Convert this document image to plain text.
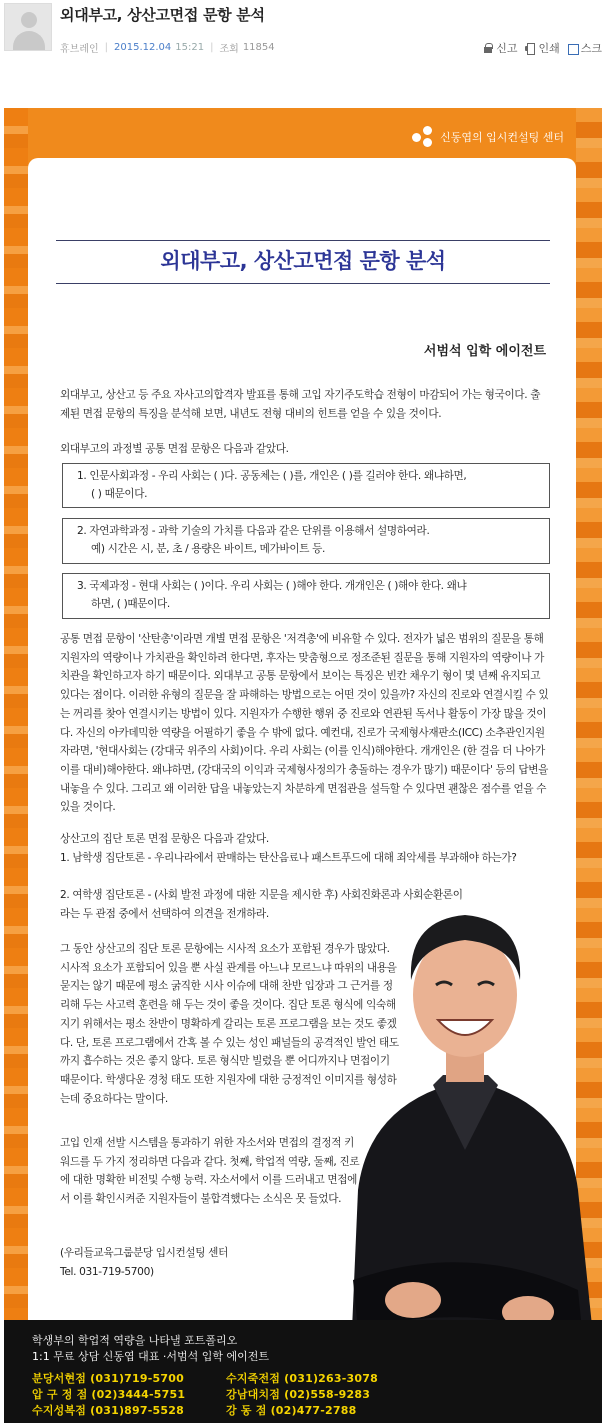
외대부고, 상산고면접 문항 분석
휴브레인 | 2015.12.04 15:21 | 조회 11854	신고 인쇄 스크
신동엽의 입시컨설팅 센터
외대부고, 상산고면접 문항 분석
서범석 입학 에이전트
외대부고, 상산고 등 주요 자사고의합격자 발표를 통해 고입 자기주도학습 전형이 마감되어 가는 형국이다. 출제된 면접 문항의 특징을 분석해 보면, 내년도 전형 대비의 힌트를 얻을 수 있을 것이다.
외대부고의 과정별 공통 면접 문항은 다음과 같았다.
1. 인문사회과정 - 우리 사회는 ( )다. 공동체는 ( )를, 개인은 ( )를 길러야 한다. 왜냐하면,
( ) 때문이다.
2. 자연과학과정 - 과학 기술의 가치를 다음과 같은 단위를 이용해서 설명하여라.
예) 시간은 시, 분, 초 / 용량은 바이트, 메가바이트 등.
3. 국제과정 - 현대 사회는 ( )이다. 우리 사회는 ( )해야 한다. 개개인은 ( )해야 한다. 왜냐
하면, ( )때문이다.
공통 면접 문항이 '산탄총'이라면 개별 면접 문항은 '저격총'에 비유할 수 있다. 전자가 넓은 범위의 질문을 통해 지원자의 역량이나 가치관을 확인하려 한다면, 후자는 맞춤형으로 정조준된 질문을 통해 지원자의 역량이나 가치관을 확인하고자 하기 때문이다. 외대부고 공통 문항에서 보이는 특징은 빈칸 채우기 형이 몇 년째 유지되고 있다는 점이다. 이러한 유형의 질문을 잘 파해하는 방법으로는 어떤 것이 있을까? 자신의 진로와 연결시킬 수 있는 꺼리를 찾아 연결시키는 방법이 있다. 지원자가 수행한 행위 중 진로와 연관된 독서나 활동이 가장 많을 것이다. 자신의 아카데믹한 역량을 어필하기 좋을 수 밖에 없다. 예컨대, 진로가 국제형사재판소(ICC) 소추관인지원자라면, '현대사회는 (강대국 위주의 사회)이다. 우리 사회는 (이를 인식)해야한다. 개개인은 (한 걸음 더 나아가 이를 대비)해야한다. 왜냐하면, (강대국의 이익과 국제형사정의가 충돌하는 경우가 많기) 때문이다' 등의 답변을 내놓을 수 있다. 그리고 왜 이러한 답을 내놓았는지 차분하게 면접관을 설득할 수 있다면 괜찮은 점수를 얻을 수 있을 것이다.
상산고의 집단 토론 면접 문항은 다음과 같았다.
1. 남학생 집단토론 - 우리나라에서 판매하는 탄산음료나 패스트푸드에 대해 죄악세를 부과해야 하는가?
2. 여학생 집단토론 - (사회 발전 과정에 대한 지문을 제시한 후) 사회진화론과 사회순환론이라는 두 관점 중에서 선택하여 의견을 전개하라.
그 동안 상산고의 집단 토론 문항에는 시사적 요소가 포함된 경우가 많았다. 시사적 요소가 포함되어 있을 뿐 사실 관계를 아느냐 모르느냐 따위의 내용을 묻지는 않기 때문에 평소 굵직한 시사 이슈에 대해 찬반 입장과 그 근거를 정리해 두는 사고력 훈련을 해 두는 것이 좋을 것이다. 집단 토론 형식에 익숙해지기 위해서는 평소 찬반이 명확하게 갈리는 토론 프로그램을 보는 것도 좋겠다. 단, 토론 프로그램에서 간혹 볼 수 있는 성인 패널들의 공격적인 발언 태도까지 흡수하는 것은 좋지 않다. 토론 형식만 빌렸을 뿐 어디까지나 면접이기 때문이다. 학생다운 경청 태도 또한 지원자에 대한 긍정적인 이미지를 형성하는데 중요하다는 말이다.
고입 인재 선발 시스템을 통과하기 위한 자소서와 면접의 결정적 키워드를 두 가지 정리하면 다음과 같다. 첫째, 학업적 역량, 둘째, 진로에 대한 명확한 비전및 수행 능력. 자소서에서 이를 드러내고 면접에서 이를 확인시켜준 지원자들이 불합격했다는 소식은 못 들었다.
(우리들교육그룹분당 입시컨설팅 센터
Tel. 031-719-5700)
학생부의 학업적 역량을 나타낼 포트폴리오
1:1 무료 상담 신동엽 대표 ·서범석 입학 에이전트
분당서현점 (031)719-5700
압 구 정 점 (02)3444-5751
수지성복점 (031)897-5528
수지죽전점 (031)263-3078
강남대치점 (02)558-9283
강 동 점 (02)477-2788
